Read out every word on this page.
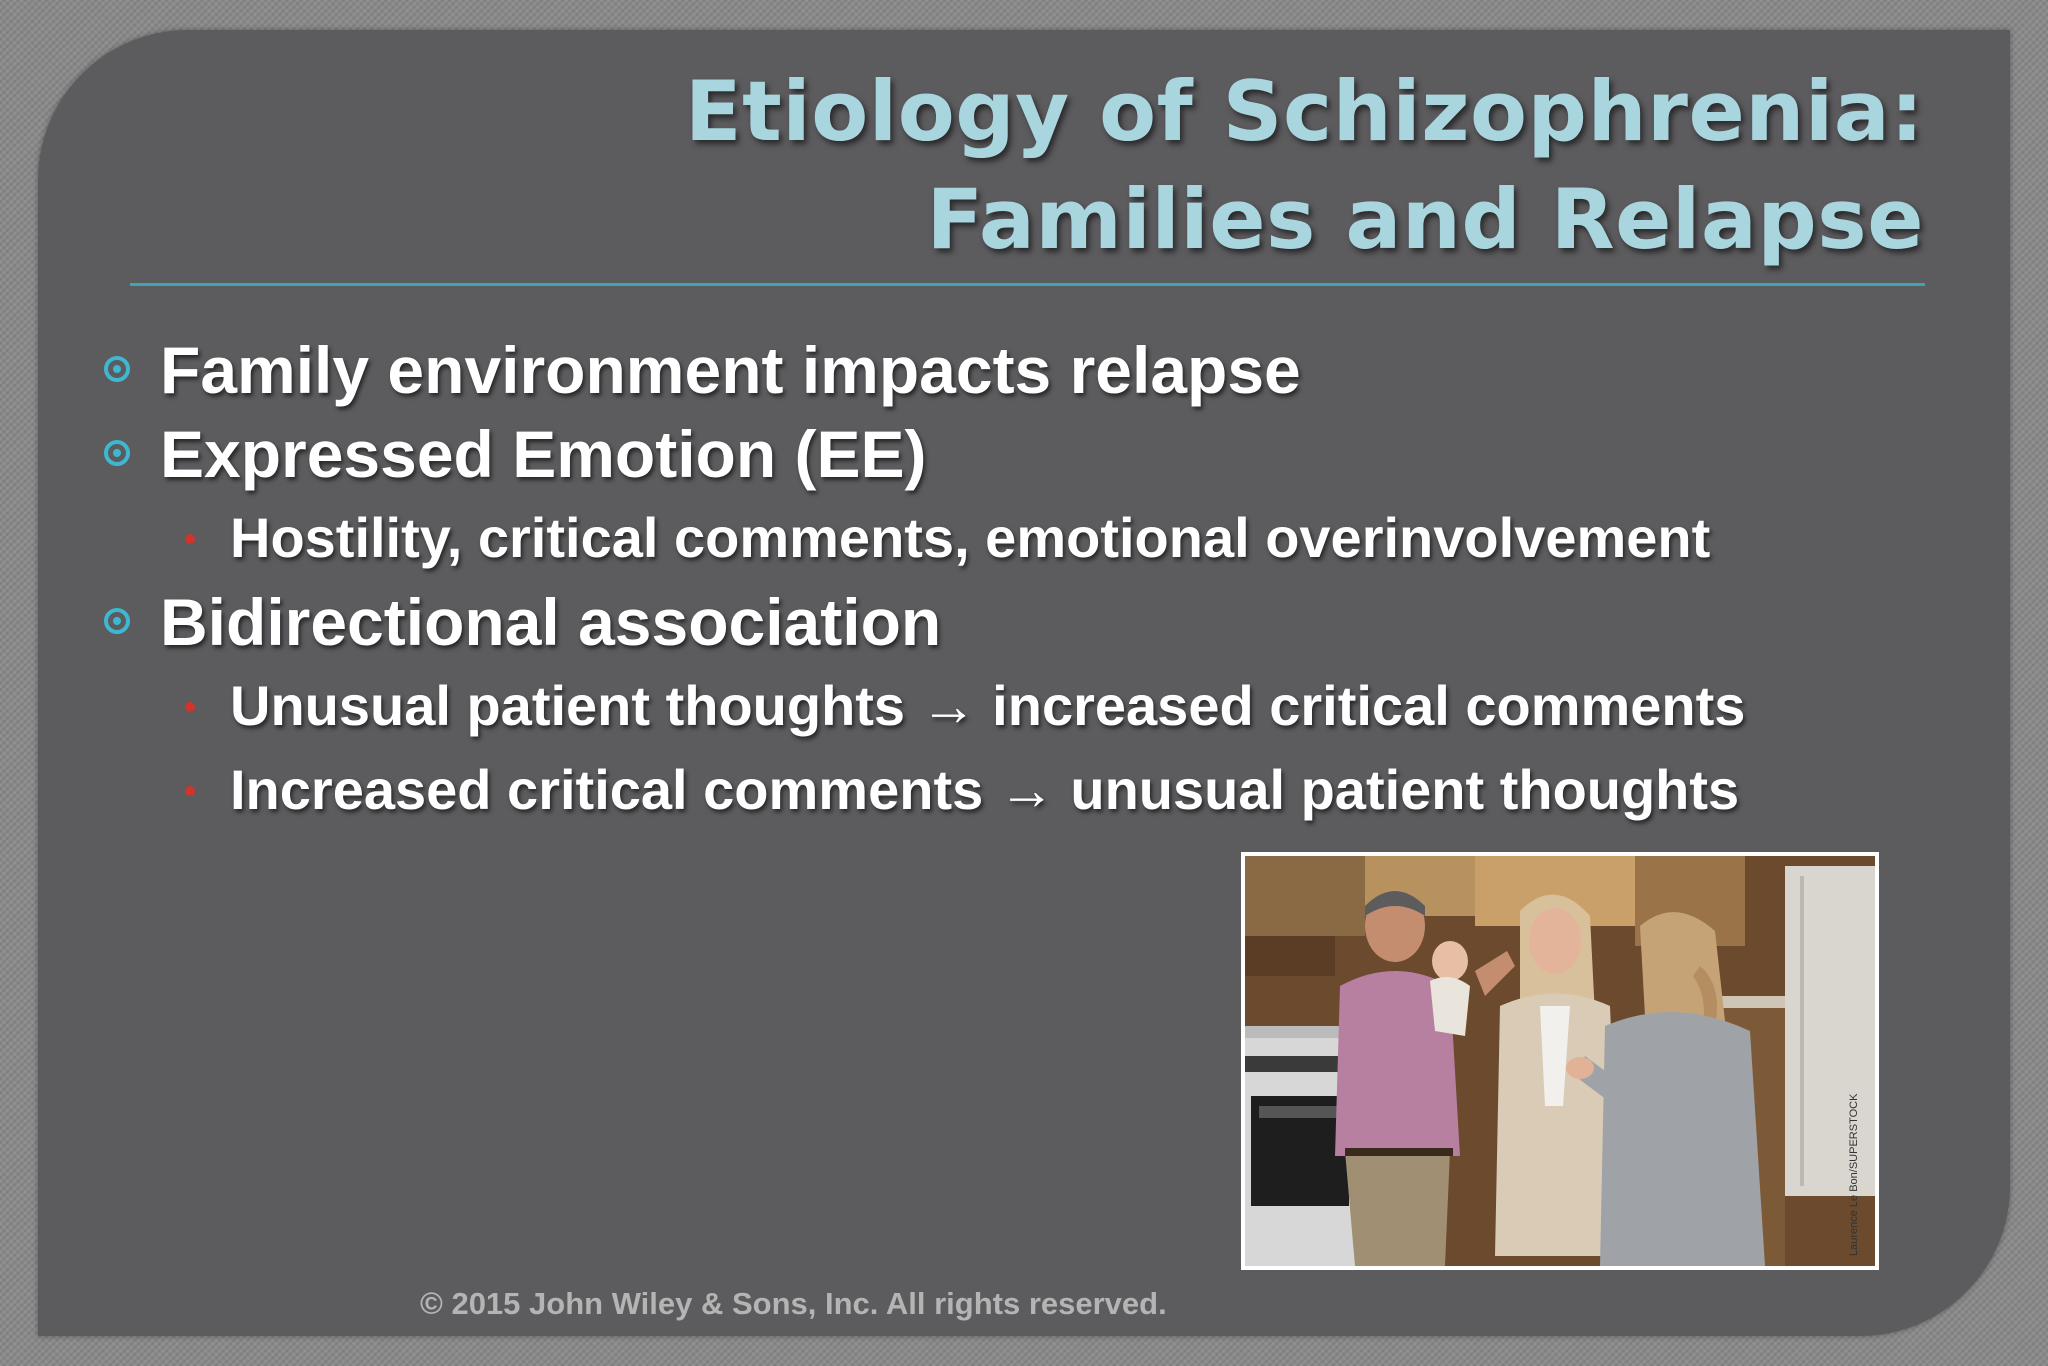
Etiology of Schizophrenia:
Families and Relapse
Family environment impacts relapse
Expressed Emotion (EE)
Hostility, critical comments, emotional overinvolvement
Bidirectional association
Unusual patient thoughts → increased critical comments
Increased critical comments → unusual patient thoughts
Laurence Le Bon/SUPERSTOCK
© 2015 John Wiley & Sons, Inc. All rights reserved.
